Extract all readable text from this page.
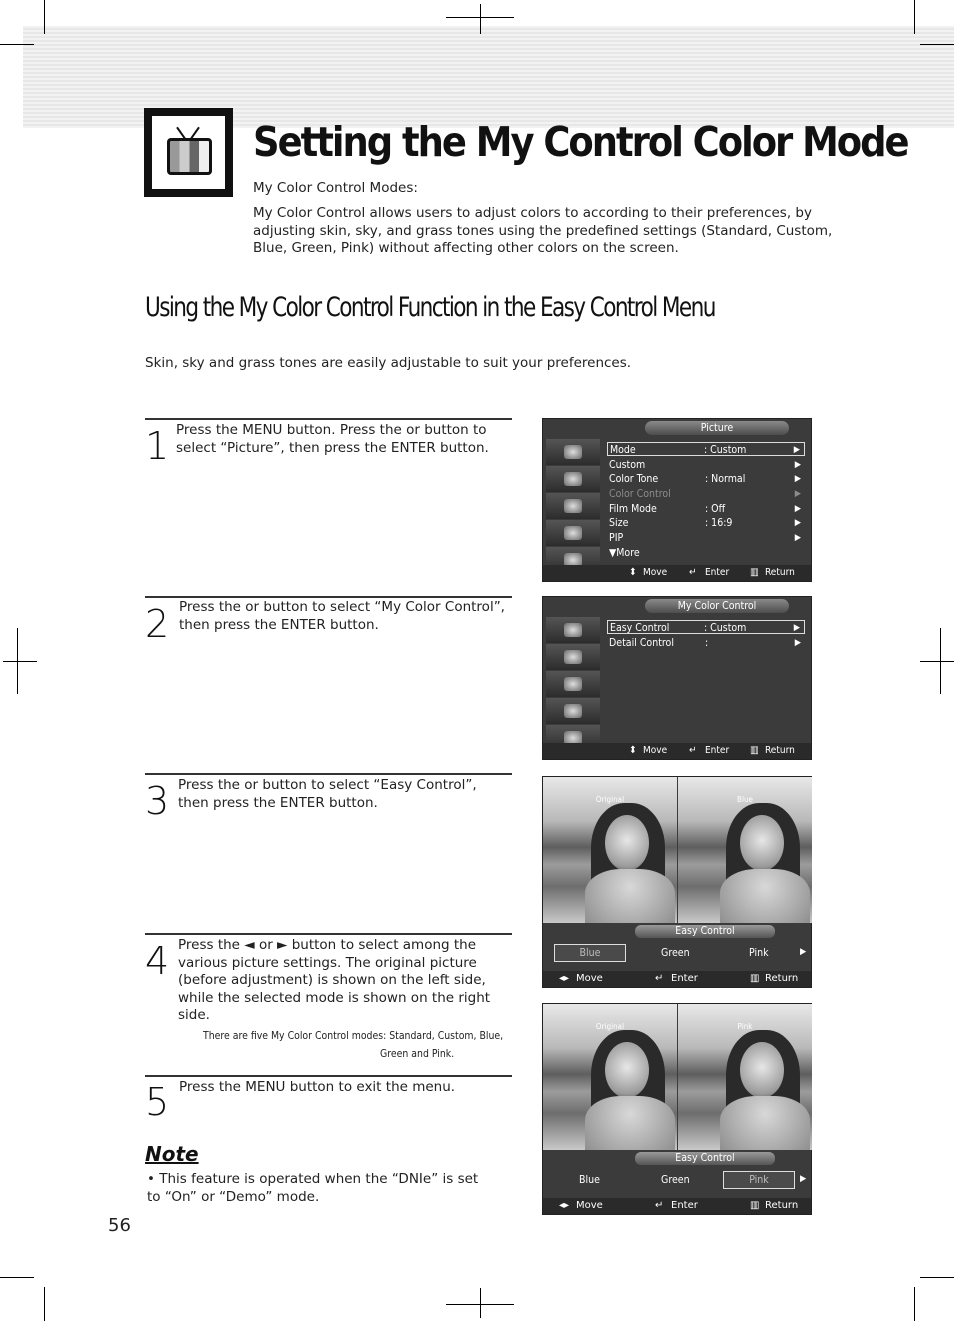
Setting the My Control Color Mode
My Color Control Modes:
My Color Control allows users to adjust colors to according to their preferences, by adjusting skin, sky, and grass tones using the predefined settings (Standard, Custom, Blue, Green, Pink) without affecting other colors on the screen.
Using the My Color Control Function in the Easy Control Menu
Skin, sky and grass tones are easily adjustable to suit your preferences.
1 Press the MENU button. Press the or button to select “Picture”, then press the ENTER button.
2 Press the or button to select “My Color Control”, then press the ENTER button.
3 Press the or button to select “Easy Control”, then press the ENTER button.
4 Press the ◄ or ► button to select among the various picture settings. The original picture (before adjustment) is shown on the left side, while the selected mode is shown on the right side.
There are five My Color Control modes: Standard, Custom, Blue,
Green and Pink.
5 Press the MENU button to exit the menu.
Note
• This feature is operated when the “DNIe” is set to “On” or “Demo” mode.
56
Picture
Mode	: Custom	▶
Custom	▶
Color Tone	: Normal	▶
Color Control	▶
Film Mode	: Off	▶
Size	: 16:9	▶
PIP	▶
▼More
⬍ Move ↵ Enter ▥ Return
My Color Control
Easy Control	: Custom	▶
Detail Control	:	▶
⬍ Move ↵ Enter ▥ Return
Original	Blue
Easy Control
Blue	Green	Pink	▶
◂▸ Move	↵ Enter	▥ Return
Original	Pink
Easy Control
Blue	Green	Pink	▶
◂▸ Move	↵ Enter	▥ Return
